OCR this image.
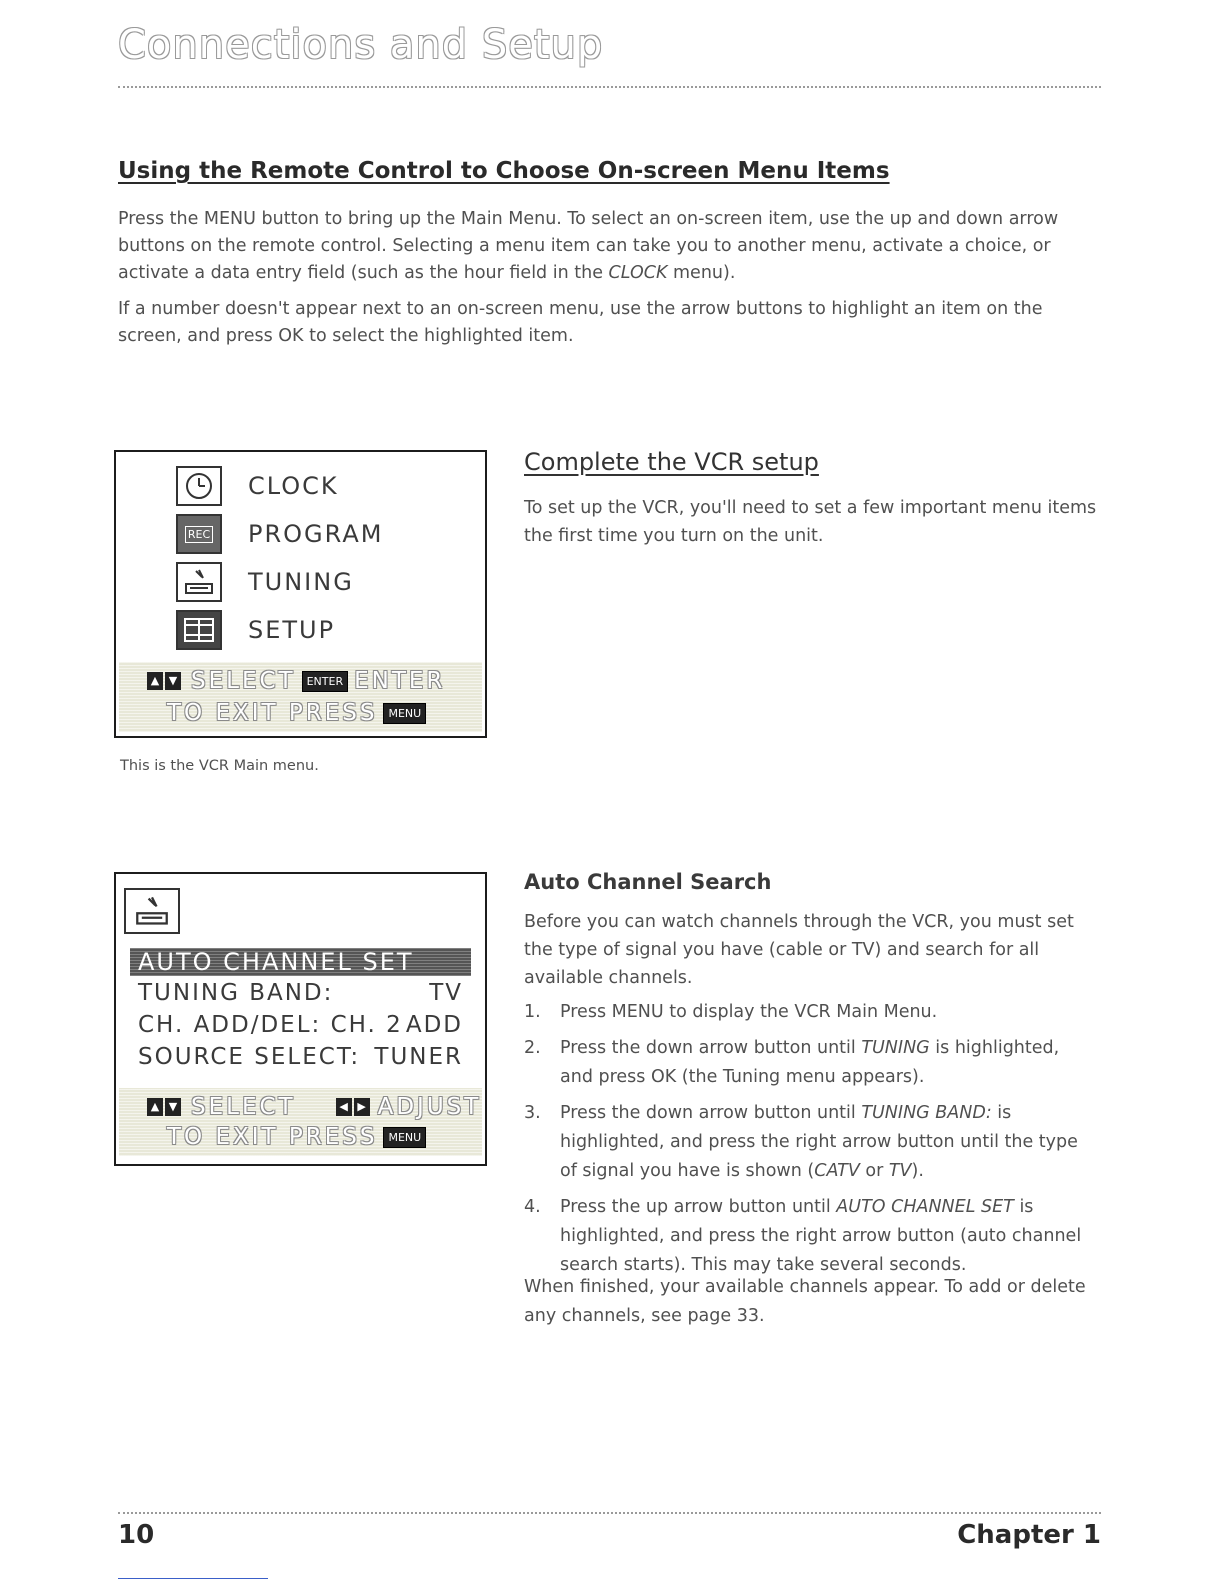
Connections and Setup
Using the Remote Control to Choose On-screen Menu Items

Press the MENU button to bring up the Main Menu. To select an on-screen item, use the up and down arrow buttons on the remote control. Selecting a menu item can take you to another menu, activate a choice, or activate a data entry field (such as the hour field in the CLOCK menu).

If a number doesn't appear next to an on-screen menu, use the arrow buttons to highlight an item on the screen, and press OK to select the highlighted item.

CLOCK
REC PROGRAM
TUNING
SETUP
▲ ▼ SELECT	ENTER ENTER
TO EXIT PRESS	MENU
This is the VCR Main menu.
Complete the VCR setup

To set up the VCR, you'll need to set a few important menu items the first time you turn on the unit.

AUTO CHANNEL SET
TUNING BAND:	TV
CH. ADD/DEL: CH. 2 ADD
SOURCE SELECT: TUNER
▲ ▼ SELECT	◀ ▶ ADJUST
TO EXIT PRESS	MENU
Auto Channel Search

Before you can watch channels through the VCR, you must set the type of signal you have (cable or TV) and search for all available channels.

1.	Press MENU to display the VCR Main Menu.
2.	Press the down arrow button until TUNING is highlighted, and press OK (the Tuning menu appears).
3.	Press the down arrow button until TUNING BAND: is highlighted, and press the right arrow button until the type of signal you have is shown (CATV or TV).
4.	Press the up arrow button until AUTO CHANNEL SET is highlighted, and press the right arrow button (auto channel search starts). This may take several seconds.

When finished, your available channels appear. To add or delete any channels, see page 33.

10	Chapter 1
